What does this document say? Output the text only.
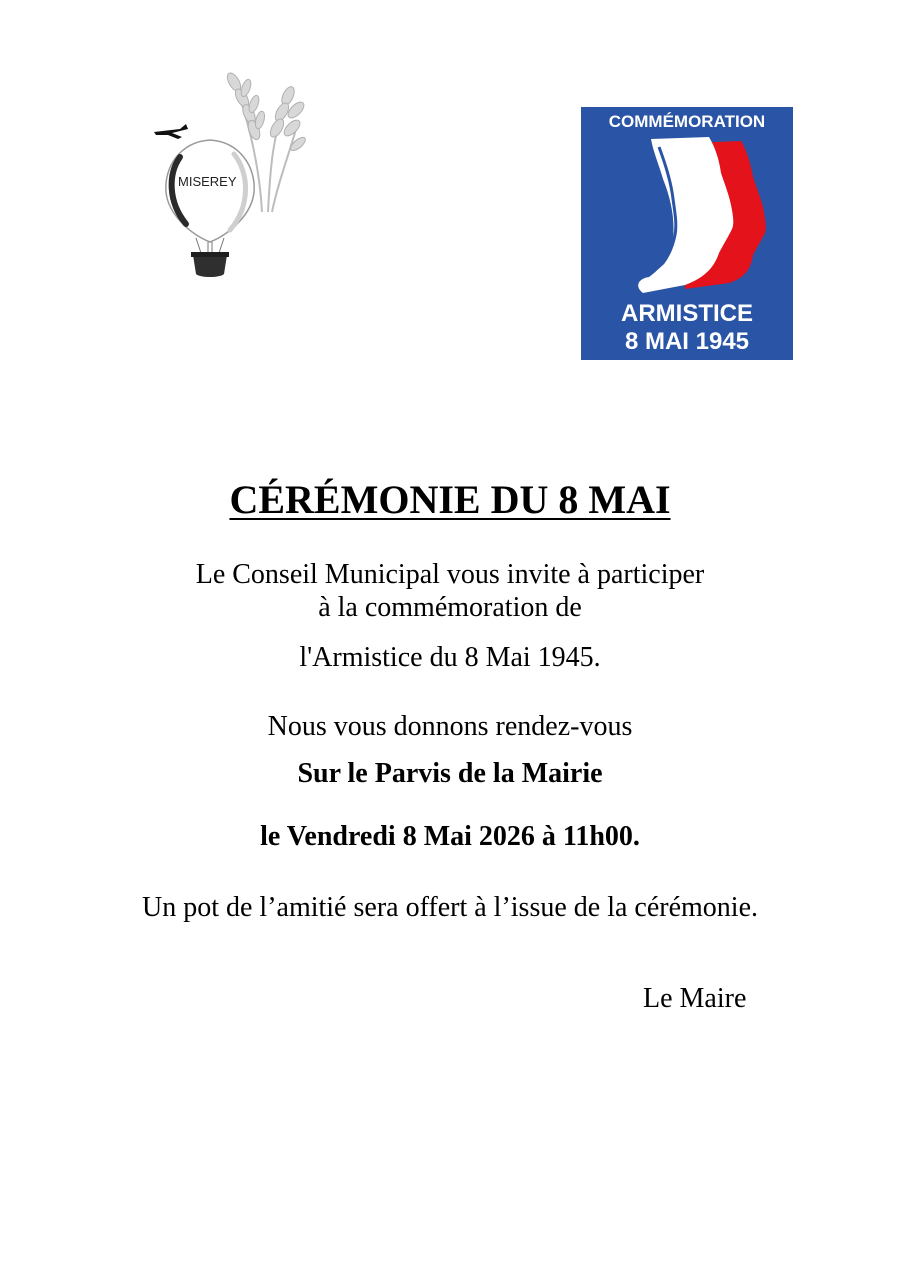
MISEREY
COMMÉMORATION
ARMISTICE
8 MAI 1945
CÉRÉMONIE DU 8 MAI
Le Conseil Municipal vous invite à participer
à la commémoration de
l'Armistice du 8 Mai 1945.
Nous vous donnons rendez-vous
Sur le Parvis de la Mairie
le Vendredi 8 Mai 2026 à 11h00.
Un pot de l’amitié sera offert à l’issue de la cérémonie.
Le Maire
